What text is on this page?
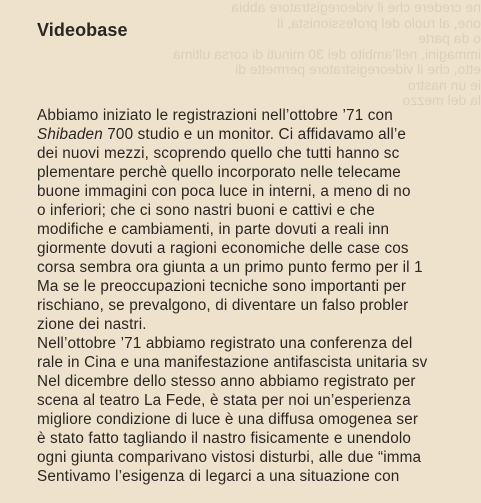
ne credere che il videoregistratore abbia
one, al ruolo del professionista, il
o da parte
immagini, nell’ambito dei 30 minuti di corsa ultima
etto, che il videoregistratore permette di
ie un nastro
la del mezzo
Videobase
Abbiamo iniziato le registrazioni nell’ottobre ’71 con
Shibaden 700 studio e un monitor. Ci affidavamo all’e
dei nuovi mezzi, scoprendo quello che tutti hanno sc
plementare perchè quello incorporato nelle telecame
buone immagini con poca luce in interni, a meno di no
o inferiori; che ci sono nastri buoni e cattivi e che
modifiche e cambiamenti, in parte dovuti a reali inn
giormente dovuti a ragioni economiche delle case cos
corsa sembra ora giunta a un primo punto fermo per il 1
Ma se le preoccupazioni tecniche sono importanti per
rischiano, se prevalgono, di diventare un falso probler
zione dei nastri.
Nell’ottobre ’71 abbiamo registrato una conferenza del
rale in Cina e una manifestazione antifascista unitaria sv
Nel dicembre dello stesso anno abbiamo registrato per
scena al teatro La Fede, è stata per noi un’esperienza
migliore condizione di luce è una diffusa omogenea ser
è stato fatto tagliando il nastro fisicamente e unendolo
ogni giunta comparivano vistosi disturbi, alle due “imma
Sentivamo l’esigenza di legarci a una situazione con
